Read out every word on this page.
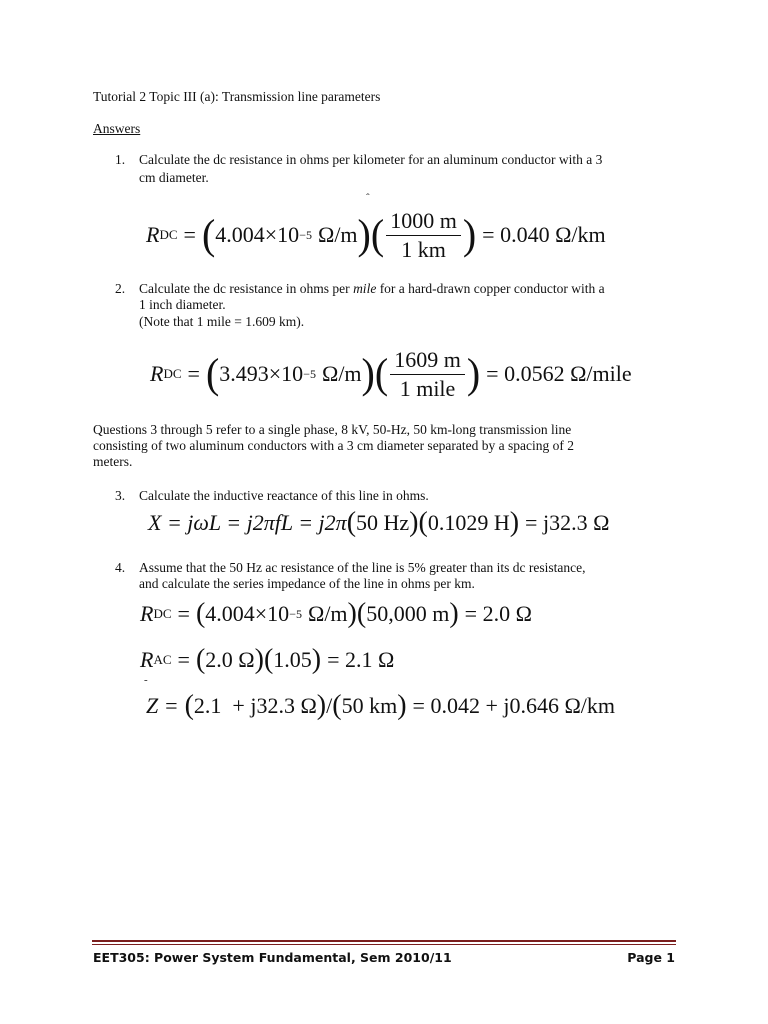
Tutorial 2 Topic III (a): Transmission line parameters
Answers
1. Calculate the dc resistance in ohms per kilometer for an aluminum conductor with a 3
cm diameter.
ˆ
R DC = ( 4.004×10 −5 Ω/m ) ( $\frac{1000 m}{1 km}$ ) = 0.040 Ω/km
2. Calculate the dc resistance in ohms per mile for a hard-drawn copper conductor with a
1 inch diameter.
(Note that 1 mile = 1.609 km).
R DC = ( 3.493×10 −5 Ω/m ) ( $\frac{1609 m}{\text{1 mile}}$ ) = 0.0562 Ω/mile
Questions 3 through 5 refer to a single phase, 8 kV, 50-Hz, 50 km-long transmission line
consisting of two aluminum conductors with a 3 cm diameter separated by a spacing of 2
meters.
3. Calculate the inductive reactance of this line in ohms.
X = jωL = j2πfL = j2π ( 50 Hz ) ( 0.1029 H ) = j32.3 Ω
4. Assume that the 50 Hz ac resistance of the line is 5% greater than its dc resistance,
and calculate the series impedance of the line in ohms per km.
R DC = ( 4.004×10 −5 Ω/m ) ( 50,000 m ) = 2.0 Ω
R AC = ( 2.0 Ω ) ( 1.05 ) = 2.1 Ω
-
Z = ( 2.1  + j32.3 Ω ) / ( 50 km ) = 0.042 + j0.646 Ω/km
EET305: Power System Fundamental, Sem 2010/11	Page 1
